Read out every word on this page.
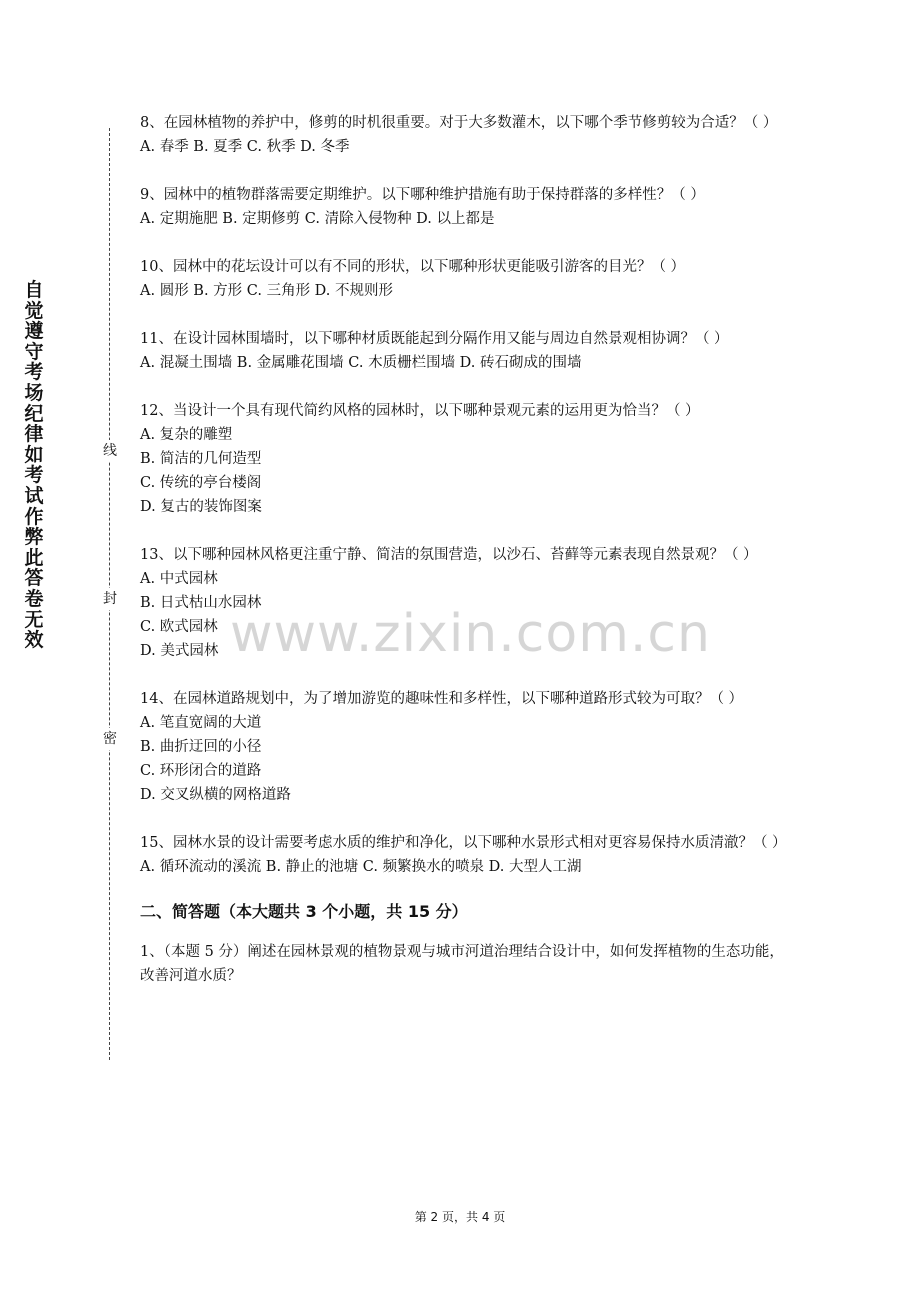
自觉遵守考场纪律如考试作弊此答卷无效
线
封
密
www.zixin.com.cn

8、在园林植物的养护中，修剪的时机很重要。对于大多数灌木，以下哪个季节修剪较为合适？（ ）

A. 春季 B. 夏季 C. 秋季 D. 冬季

9、园林中的植物群落需要定期维护。以下哪种维护措施有助于保持群落的多样性？（ ）

A. 定期施肥 B. 定期修剪 C. 清除入侵物种 D. 以上都是

10、园林中的花坛设计可以有不同的形状，以下哪种形状更能吸引游客的目光？（ ）

A. 圆形 B. 方形 C. 三角形 D. 不规则形

11、在设计园林围墙时，以下哪种材质既能起到分隔作用又能与周边自然景观相协调？（ ）

A. 混凝土围墙 B. 金属雕花围墙 C. 木质栅栏围墙 D. 砖石砌成的围墙

12、当设计一个具有现代简约风格的园林时，以下哪种景观元素的运用更为恰当？（ ）

A. 复杂的雕塑

B. 简洁的几何造型

C. 传统的亭台楼阁

D. 复古的装饰图案

13、以下哪种园林风格更注重宁静、简洁的氛围营造，以沙石、苔藓等元素表现自然景观？（ ）

A. 中式园林

B. 日式枯山水园林

C. 欧式园林

D. 美式园林

14、在园林道路规划中，为了增加游览的趣味性和多样性，以下哪种道路形式较为可取？（ ）

A. 笔直宽阔的大道

B. 曲折迂回的小径

C. 环形闭合的道路

D. 交叉纵横的网格道路

15、园林水景的设计需要考虑水质的维护和净化，以下哪种水景形式相对更容易保持水质清澈？（ ）

A. 循环流动的溪流 B. 静止的池塘 C. 频繁换水的喷泉 D. 大型人工湖

二、简答题（本大题共 3 个小题，共 15 分）

1、（本题 5 分）阐述在园林景观的植物景观与城市河道治理结合设计中，如何发挥植物的生态功能，改善河道水质？

第 2 页，共 4 页
